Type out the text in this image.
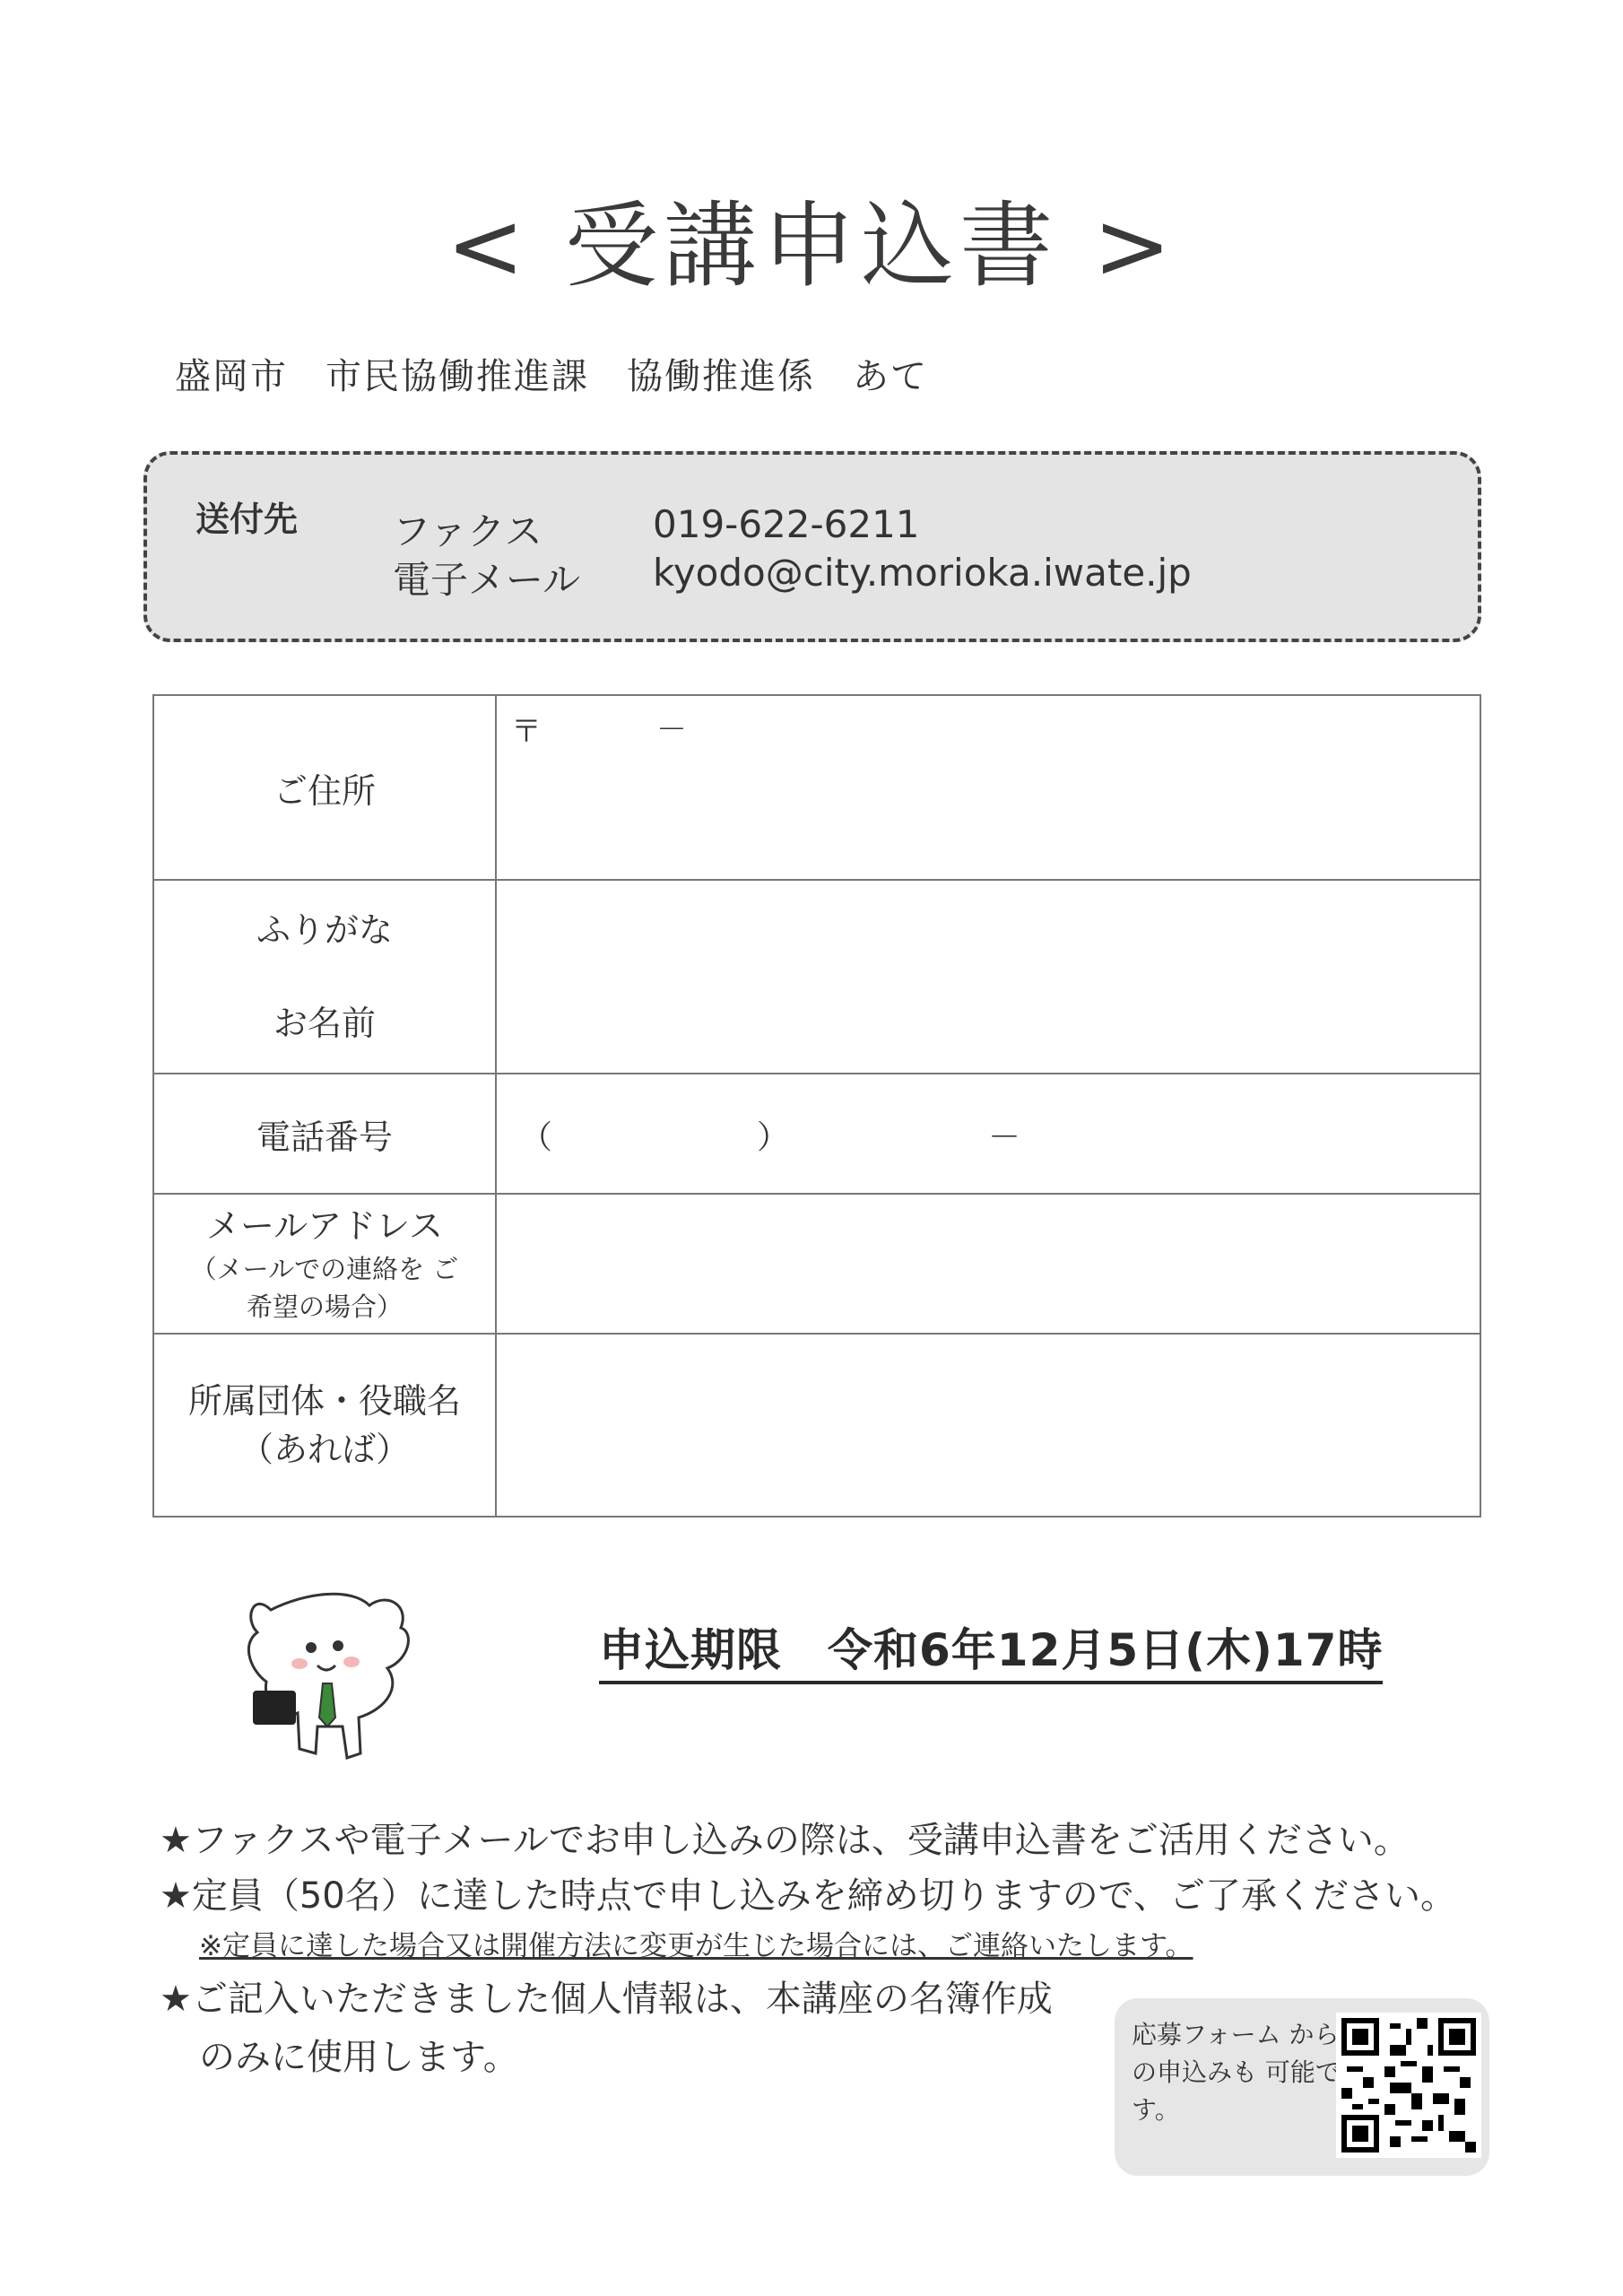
< 受講申込書 >
盛岡市　市民協働推進課　協働推進係　あて
送付先	ファクス	019-622-6211
電子メール kyodo@city.morioka.iwate.jp
ご住所	〒 －

ふりがな
お名前	

電話番号	（ ） －

メールアドレス
（メールでの連絡を ご希望の場合）	

所属団体・役職名
（あれば）	

申込期限　令和6年12月5日(木)17時
★ファクスや電子メールでお申し込みの際は、受講申込書をご活用ください。
★定員（50名）に達した時点で申し込みを締め切りますので、ご了承ください。
※定員に達した場合又は開催方法に変更が生じた場合には、ご連絡いたします。
★ご記入いただきました個人情報は、本講座の名簿作成
のみに使用します。
応募フォーム からの申込みも 可能です。
